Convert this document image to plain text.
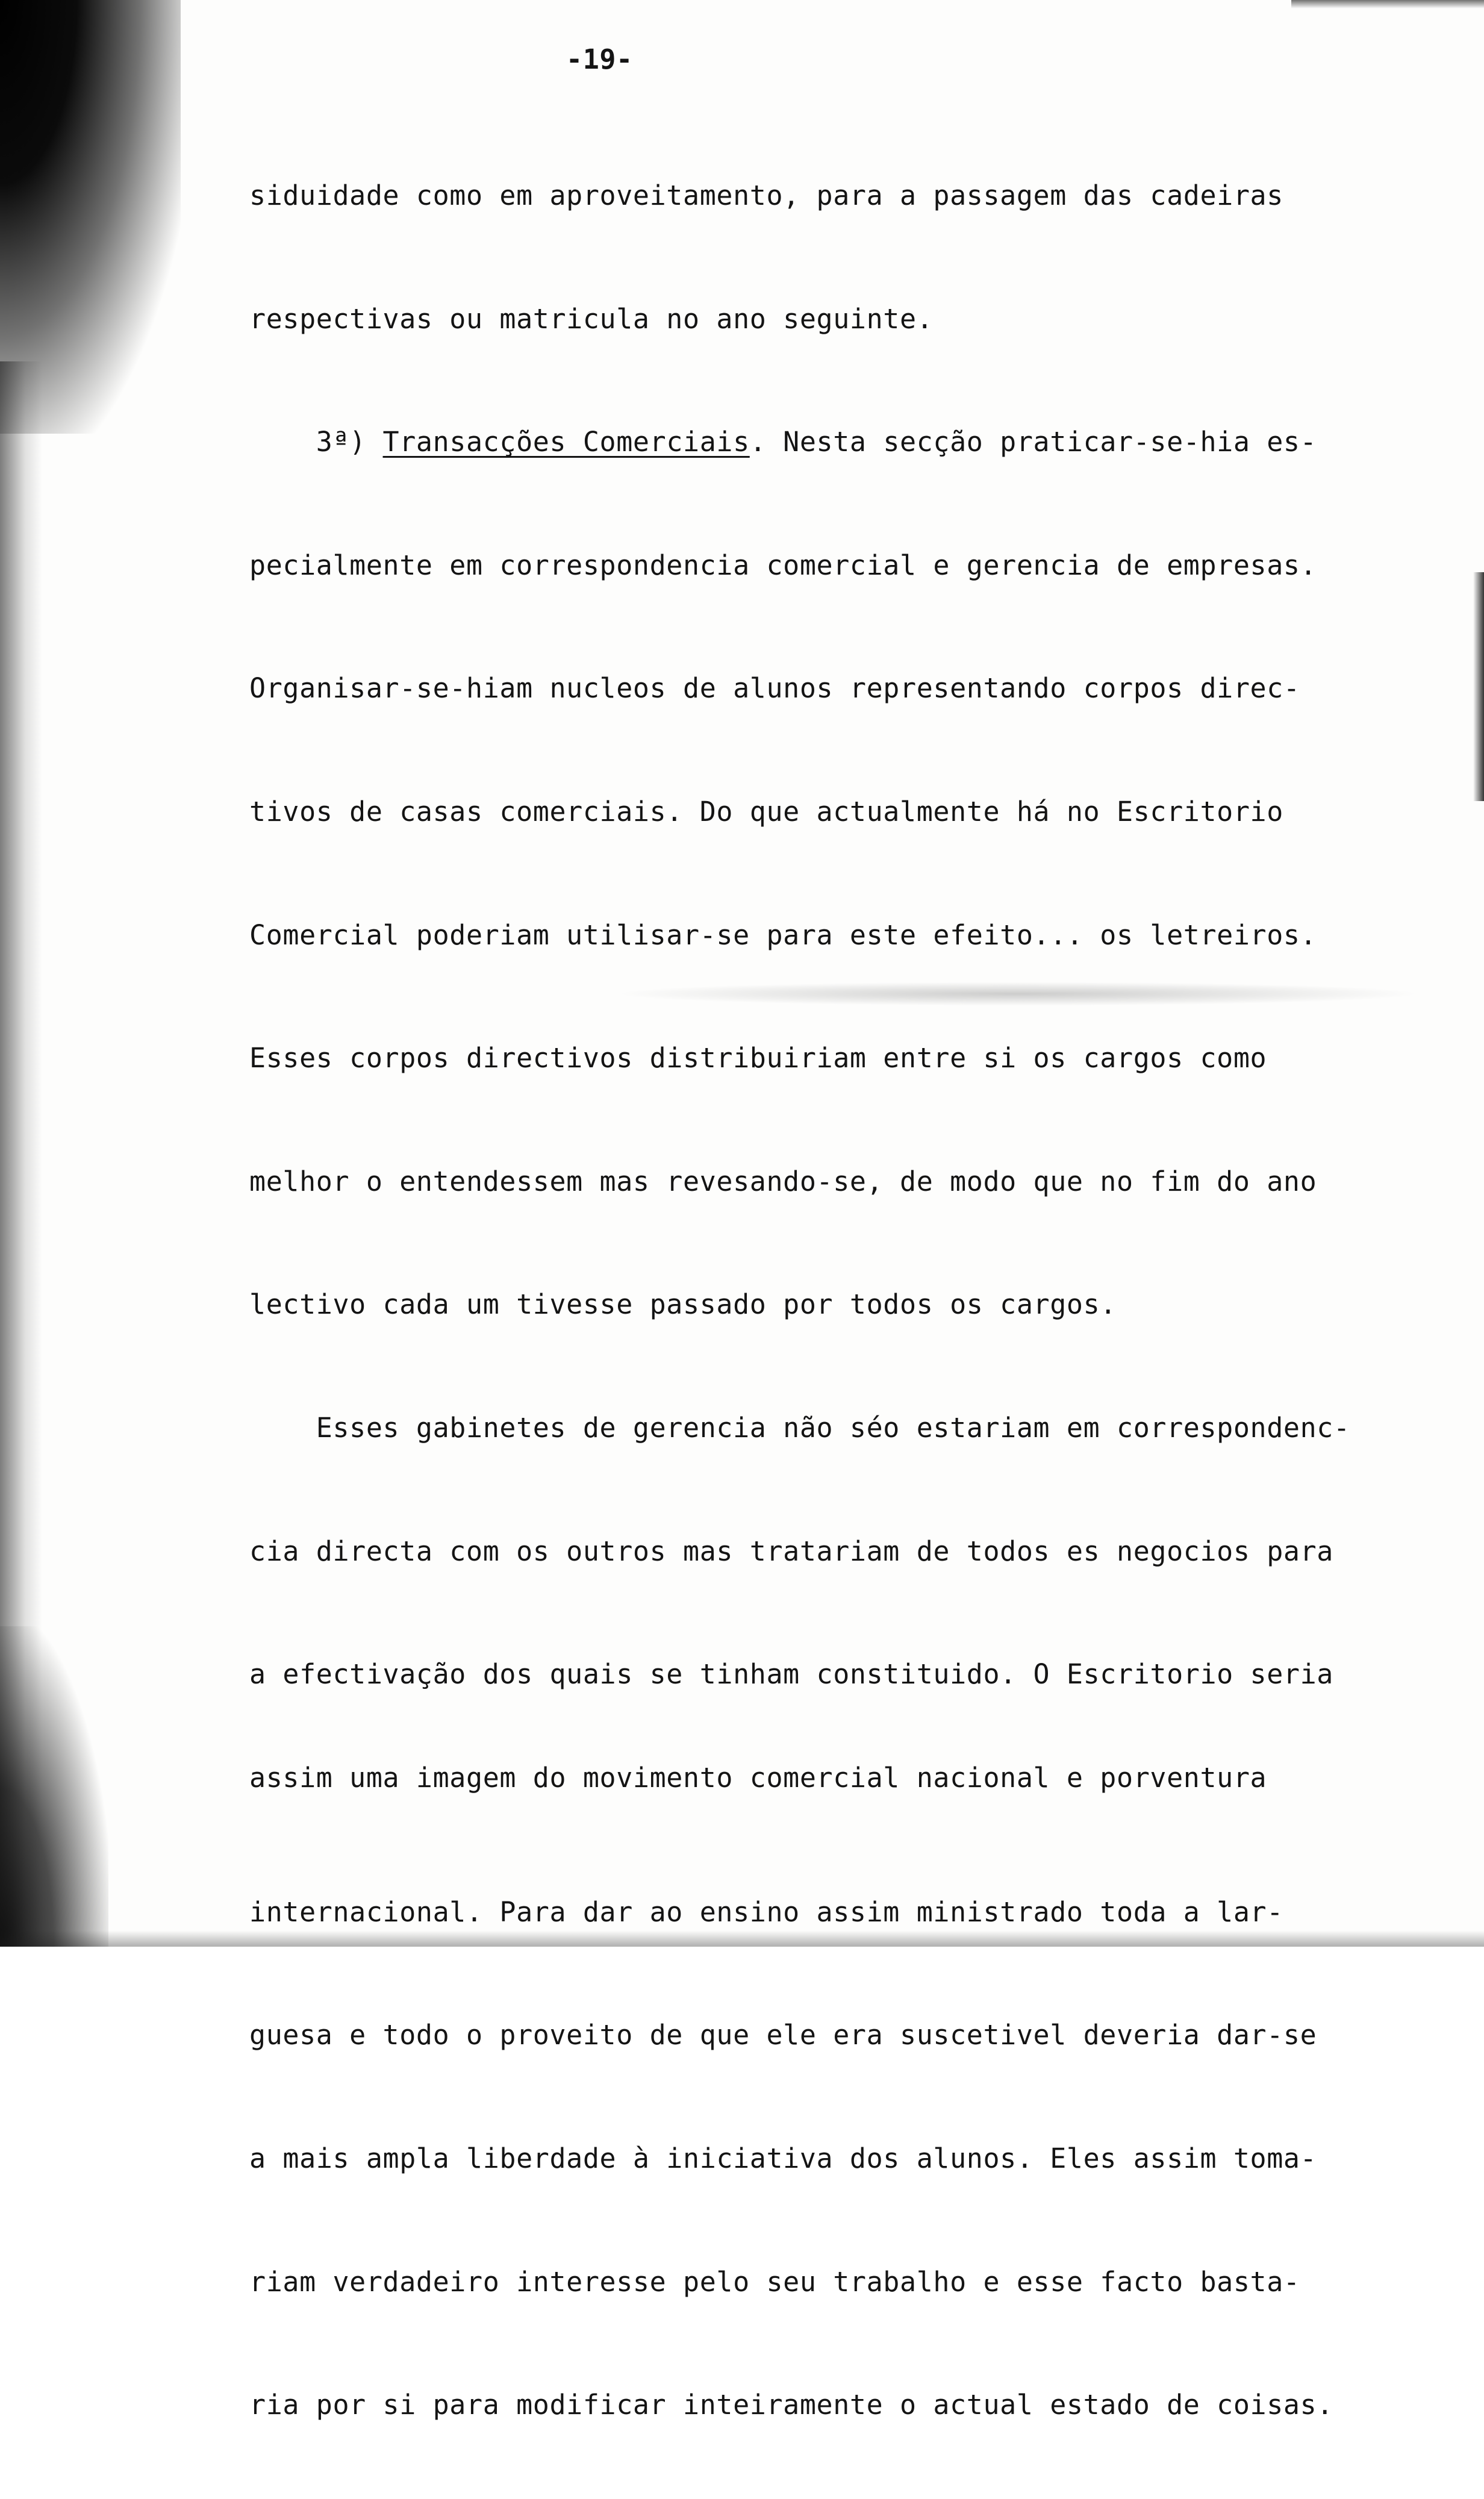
-19-

siduidade como em aproveitamento, para a passagem das cadeiras

respectivas ou matricula no ano seguinte.

3ª) Transacções Comerciais. Nesta secção praticar-se-hia es-

pecialmente em correspondencia comercial e gerencia de empresas.

Organisar-se-hiam nucleos de alunos representando corpos direc-

tivos de casas comerciais. Do que actualmente há no Escritorio

Comercial poderiam utilisar-se para este efeito... os letreiros.

Esses corpos directivos distribuiriam entre si os cargos como

melhor o entendessem mas revesando-se, de modo que no fim do ano

lectivo cada um tivesse passado por todos os cargos.

Esses gabinetes de gerencia não séo estariam em correspondenc-

cia directa com os outros mas tratariam de todos es negocios para

a efectivação dos quais se tinham constituido. O Escritorio seria

assim uma imagem do movimento comercial nacional e porventura

internacional. Para dar ao ensino assim ministrado toda a lar-

guesa e todo o proveito de que ele era suscetivel deveria dar-se

a mais ampla liberdade à iniciativa dos alunos. Eles assim toma-

riam verdadeiro interesse pelo seu trabalho e esse facto basta-

ria por si para modificar inteiramente o actual estado de coisas.
